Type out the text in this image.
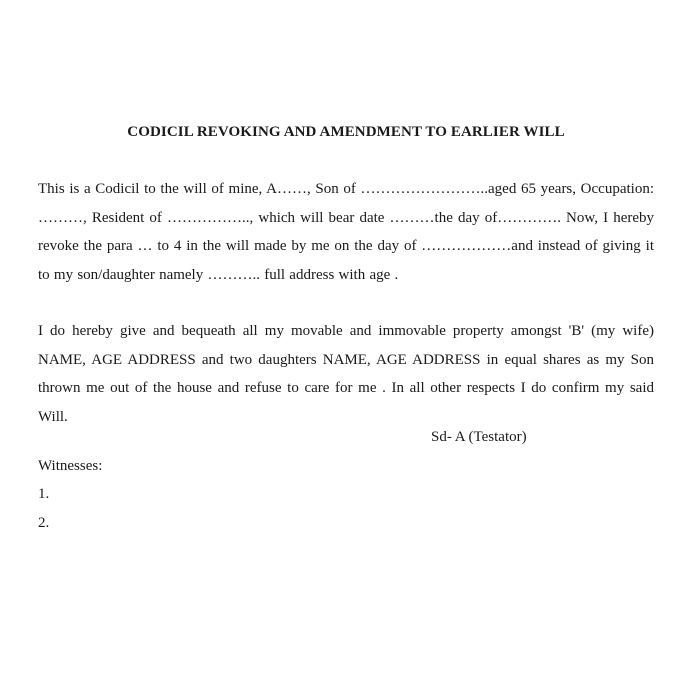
CODICIL REVOKING AND AMENDMENT TO EARLIER WILL

This is a Codicil to the will of mine, A……, Son of ……………………..aged 65 years, Occupation: ………, Resident of …………….., which will bear date ………the day of…………. Now, I hereby revoke the para … to 4 in the will made by me on the day of ………………and instead of giving it to my son/daughter namely ……….. full address with age .

I do hereby give and bequeath all my movable and immovable property amongst 'B' (my wife) NAME, AGE ADDRESS and two daughters NAME, AGE ADDRESS in equal shares as my Son thrown me out of the house and refuse to care for me . In all other respects I do confirm my said Will.

Sd- A (Testator)

Witnesses:

1.

2.
